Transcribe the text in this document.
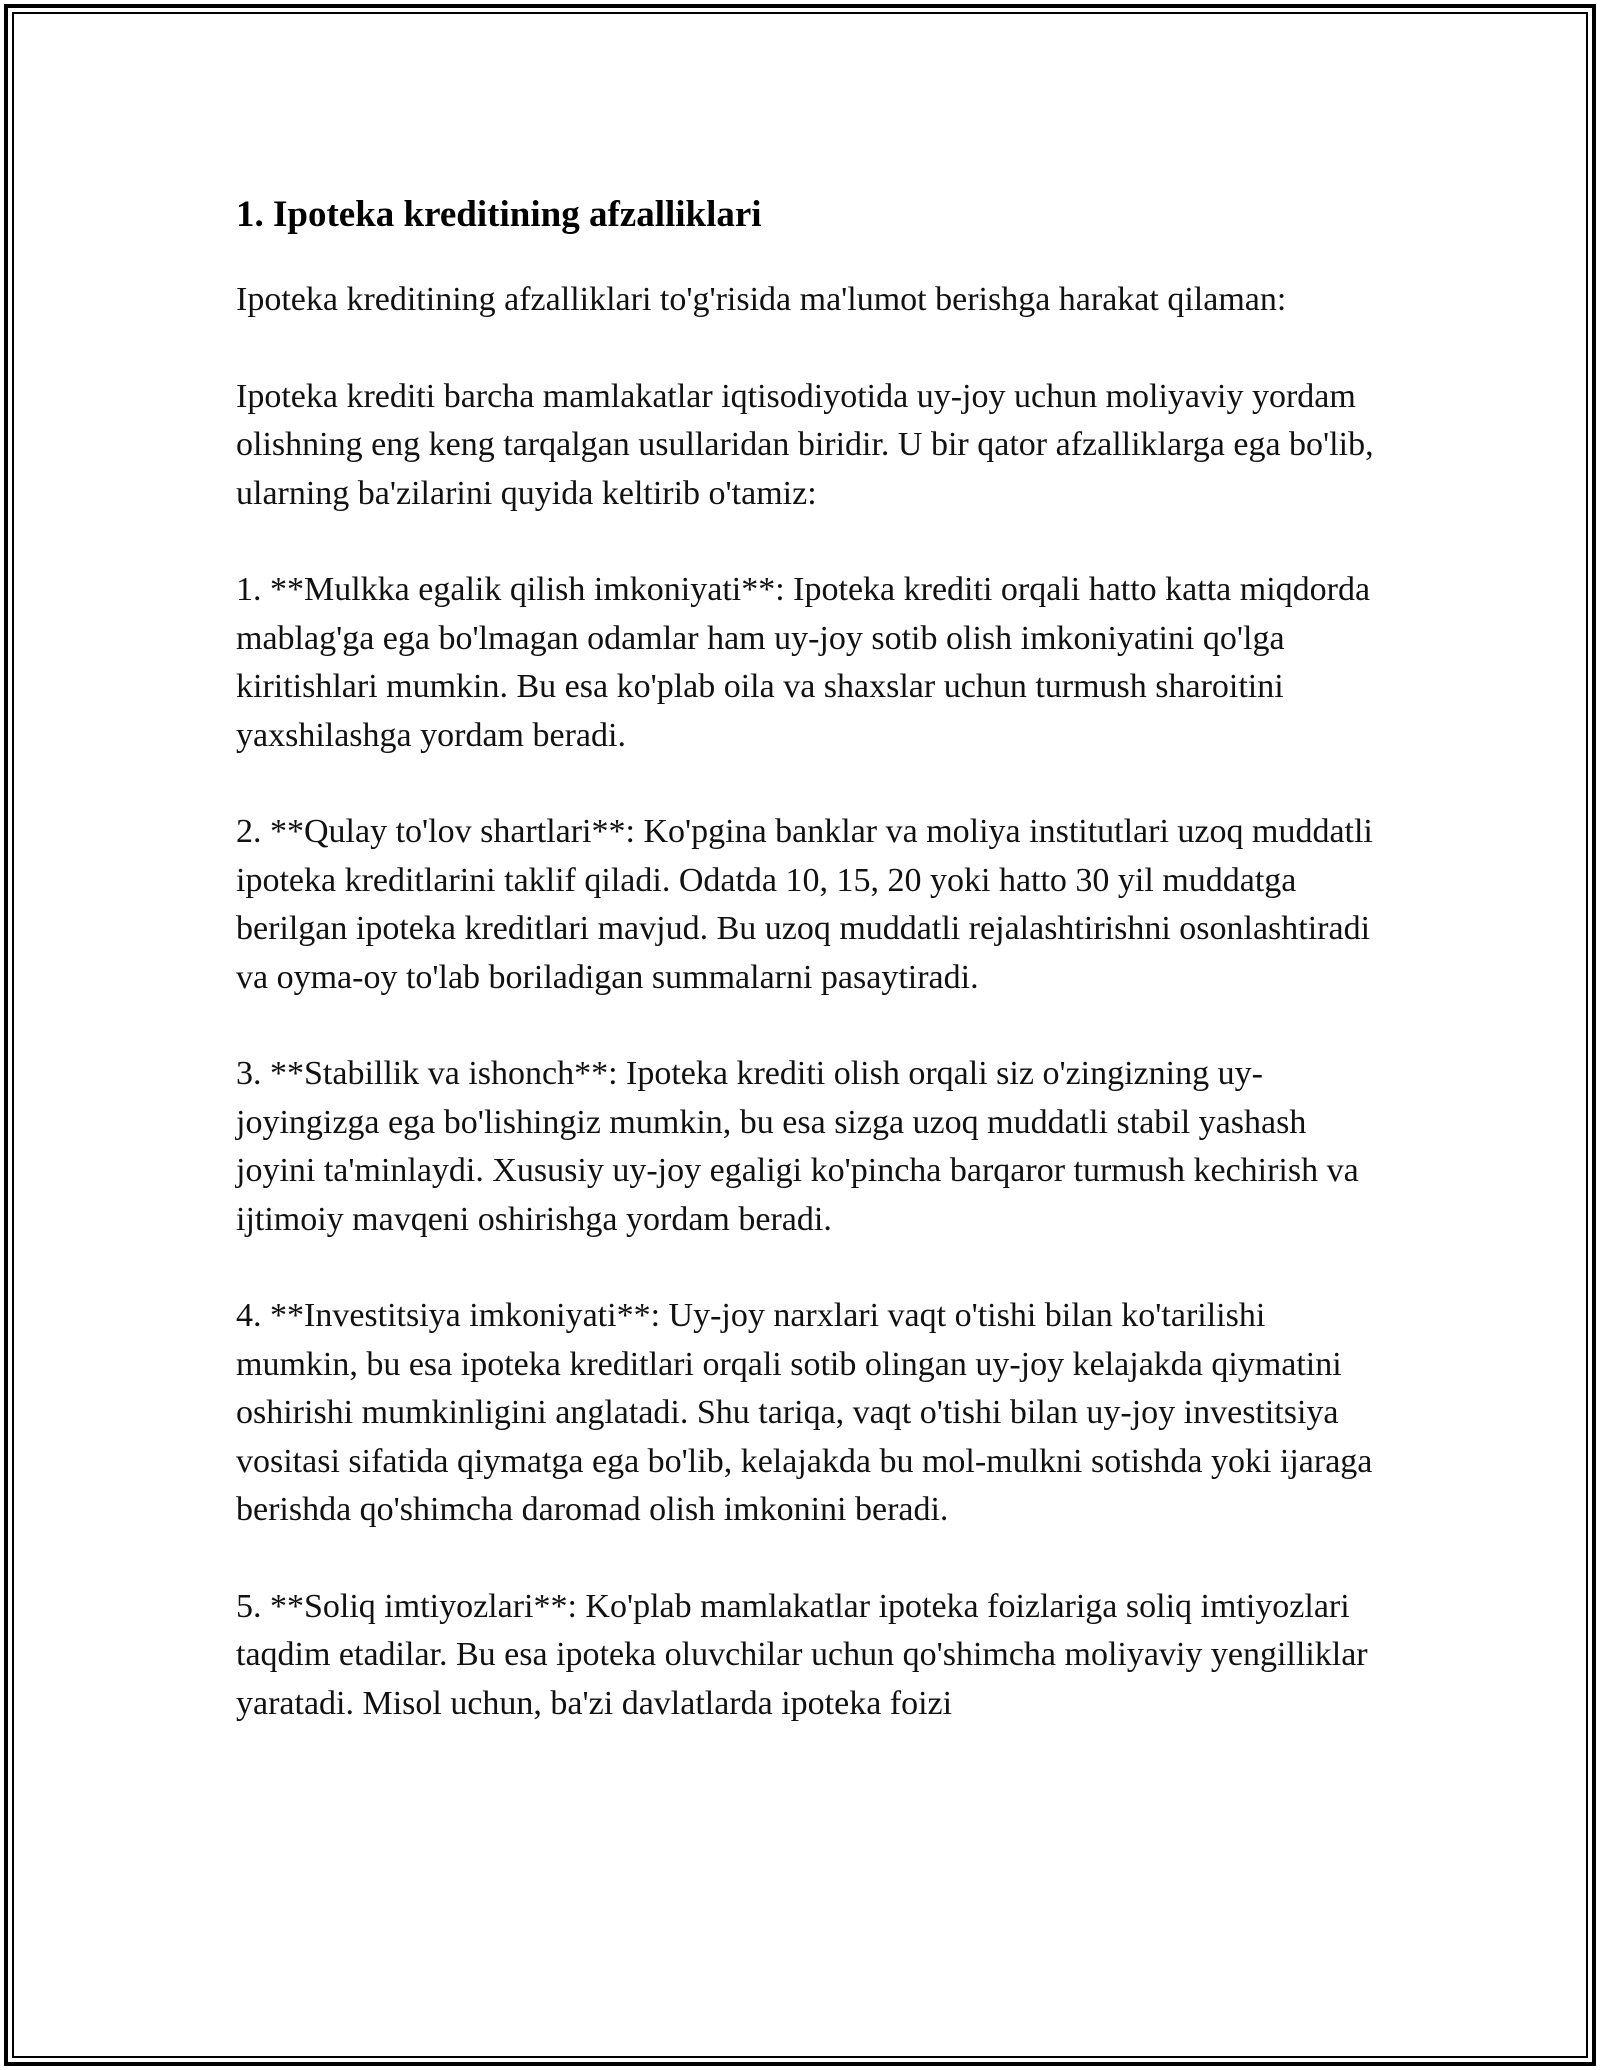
1. Ipoteka kreditining afzalliklari

Ipoteka kreditining afzalliklari to'g'risida ma'lumot berishga harakat qilaman:

Ipoteka krediti barcha mamlakatlar iqtisodiyotida uy-joy uchun moliyaviy yordam olishning eng keng tarqalgan usullaridan biridir. U bir qator afzalliklarga ega bo'lib, ularning ba'zilarini quyida keltirib o'tamiz:

1. **Mulkka egalik qilish imkoniyati**: Ipoteka krediti orqali hatto katta miqdorda mablag'ga ega bo'lmagan odamlar ham uy-joy sotib olish imkoniyatini qo'lga kiritishlari mumkin. Bu esa ko'plab oila va shaxslar uchun turmush sharoitini yaxshilashga yordam beradi.

2. **Qulay to'lov shartlari**: Ko'pgina banklar va moliya institutlari uzoq muddatli ipoteka kreditlarini taklif qiladi. Odatda 10, 15, 20 yoki hatto 30 yil muddatga berilgan ipoteka kreditlari mavjud. Bu uzoq muddatli rejalashtirishni osonlashtiradi va oyma-oy to'lab boriladigan summalarni pasaytiradi.

3. **Stabillik va ishonch**: Ipoteka krediti olish orqali siz o'zingizning uy-joyingizga ega bo'lishingiz mumkin, bu esa sizga uzoq muddatli stabil yashash joyini ta'minlaydi. Xususiy uy-joy egaligi ko'pincha barqaror turmush kechirish va ijtimoiy mavqeni oshirishga yordam beradi.

4. **Investitsiya imkoniyati**: Uy-joy narxlari vaqt o'tishi bilan ko'tarilishi mumkin, bu esa ipoteka kreditlari orqali sotib olingan uy-joy kelajakda qiymatini oshirishi mumkinligini anglatadi. Shu tariqa, vaqt o'tishi bilan uy-joy investitsiya vositasi sifatida qiymatga ega bo'lib, kelajakda bu mol-mulkni sotishda yoki ijaraga berishda qo'shimcha daromad olish imkonini beradi.

5. **Soliq imtiyozlari**: Ko'plab mamlakatlar ipoteka foizlariga soliq imtiyozlari taqdim etadilar. Bu esa ipoteka oluvchilar uchun qo'shimcha moliyaviy yengilliklar yaratadi. Misol uchun, ba'zi davlatlarda ipoteka foizi
